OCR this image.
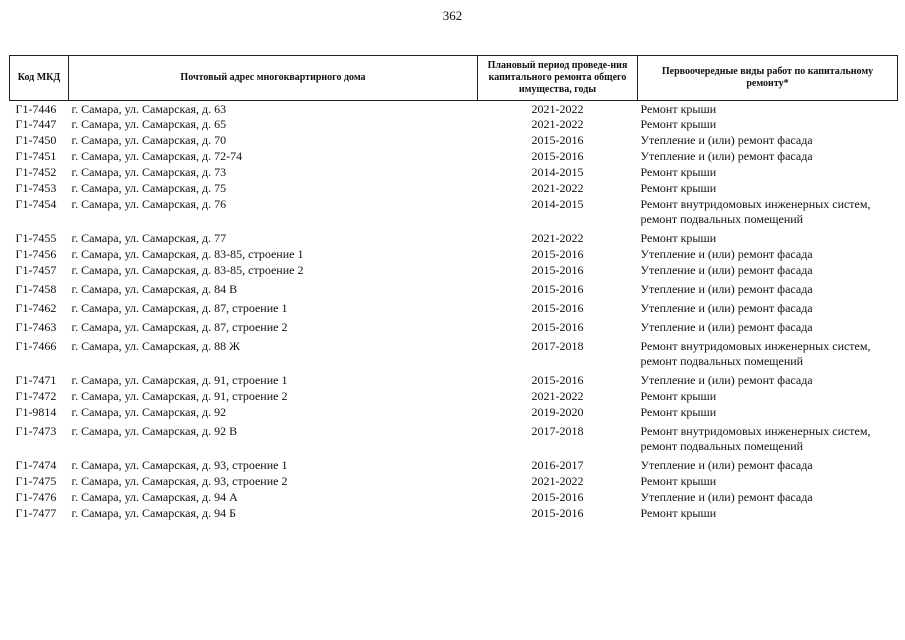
362
Код МКД	Почтовый адрес многоквартирного дома	Плановый период проведе-ния капитального ремонта общего имущества, годы	Первоочередные виды работ по капитальному ремонту*
Г1-7446	г. Самара, ул. Самарская, д. 63	2021-2022	Ремонт крыши
Г1-7447	г. Самара, ул. Самарская, д. 65	2021-2022	Ремонт крыши
Г1-7450	г. Самара, ул. Самарская, д. 70	2015-2016	Утепление и (или) ремонт фасада
Г1-7451	г. Самара, ул. Самарская, д. 72-74	2015-2016	Утепление и (или) ремонт фасада
Г1-7452	г. Самара, ул. Самарская, д. 73	2014-2015	Ремонт крыши
Г1-7453	г. Самара, ул. Самарская, д. 75	2021-2022	Ремонт крыши
Г1-7454	г. Самара, ул. Самарская, д. 76	2014-2015	Ремонт внутридомовых инженерных систем, ремонт подвальных помещений
Г1-7455	г. Самара, ул. Самарская, д. 77	2021-2022	Ремонт крыши
Г1-7456	г. Самара, ул. Самарская, д. 83-85, строение 1	2015-2016	Утепление и (или) ремонт фасада
Г1-7457	г. Самара, ул. Самарская, д. 83-85, строение 2	2015-2016	Утепление и (или) ремонт фасада
Г1-7458	г. Самара, ул. Самарская, д. 84 В	2015-2016	Утепление и (или) ремонт фасада
Г1-7462	г. Самара, ул. Самарская, д. 87, строение 1	2015-2016	Утепление и (или) ремонт фасада
Г1-7463	г. Самара, ул. Самарская, д. 87, строение 2	2015-2016	Утепление и (или) ремонт фасада
Г1-7466	г. Самара, ул. Самарская, д. 88 Ж	2017-2018	Ремонт внутридомовых инженерных систем, ремонт подвальных помещений
Г1-7471	г. Самара, ул. Самарская, д. 91, строение 1	2015-2016	Утепление и (или) ремонт фасада
Г1-7472	г. Самара, ул. Самарская, д. 91, строение 2	2021-2022	Ремонт крыши
Г1-9814	г. Самара, ул. Самарская, д. 92	2019-2020	Ремонт крыши
Г1-7473	г. Самара, ул. Самарская, д. 92 В	2017-2018	Ремонт внутридомовых инженерных систем, ремонт подвальных помещений
Г1-7474	г. Самара, ул. Самарская, д. 93, строение 1	2016-2017	Утепление и (или) ремонт фасада
Г1-7475	г. Самара, ул. Самарская, д. 93, строение 2	2021-2022	Ремонт крыши
Г1-7476	г. Самара, ул. Самарская, д. 94 А	2015-2016	Утепление и (или) ремонт фасада
Г1-7477	г. Самара, ул. Самарская, д. 94 Б	2015-2016	Ремонт крыши
